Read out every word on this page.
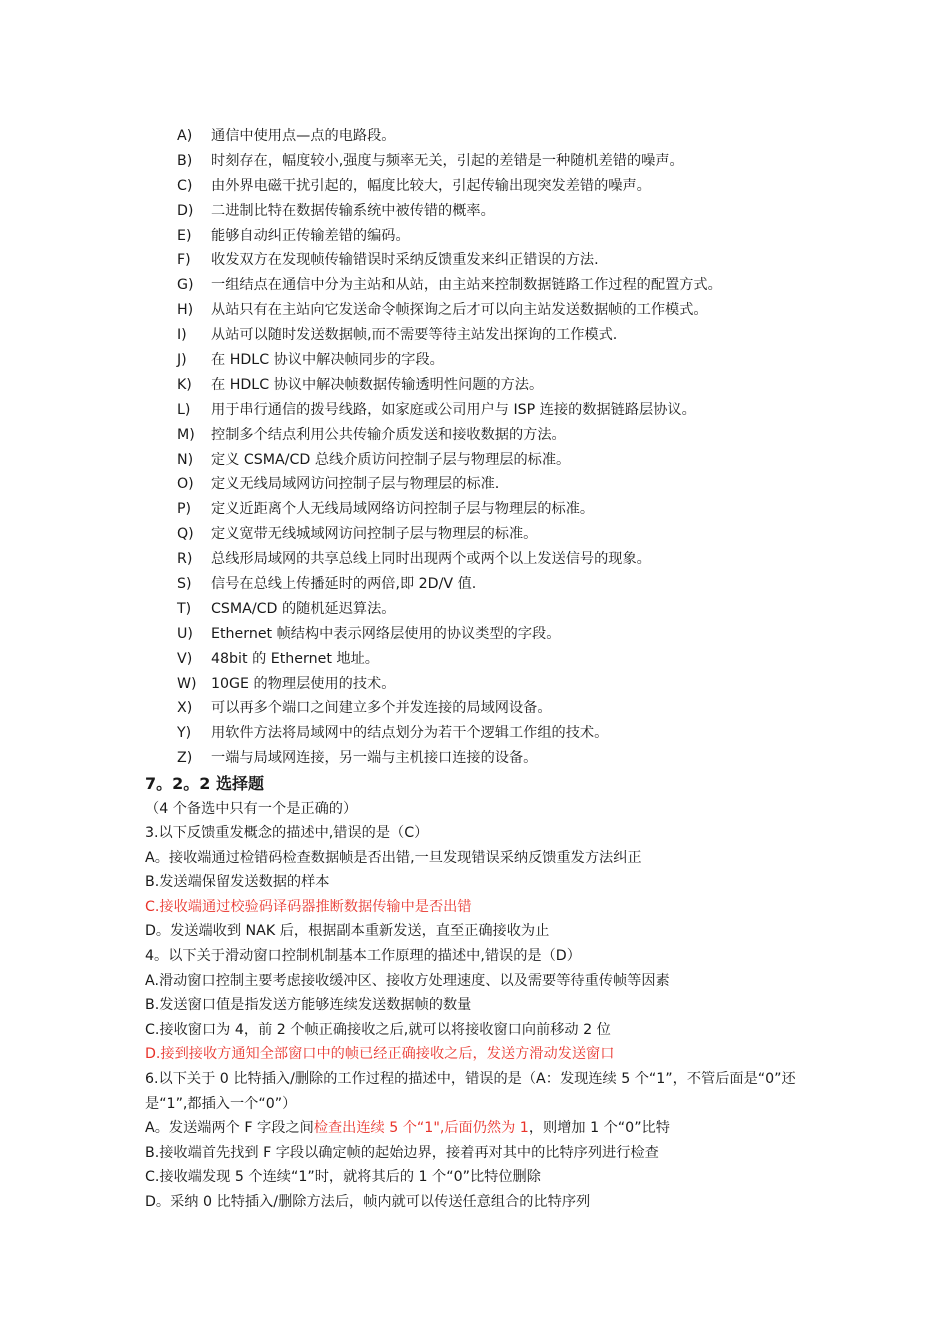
A) 通信中使用点—点的电路段。
B) 时刻存在，幅度较小,强度与频率无关，引起的差错是一种随机差错的噪声。
C) 由外界电磁干扰引起的，幅度比较大，引起传输出现突发差错的噪声。
D) 二进制比特在数据传输系统中被传错的概率。
E) 能够自动纠正传输差错的编码。
F) 收发双方在发现帧传输错误时采纳反馈重发来纠正错误的方法.
G) 一组结点在通信中分为主站和从站，由主站来控制数据链路工作过程的配置方式。
H) 从站只有在主站向它发送命令帧探询之后才可以向主站发送数据帧的工作模式。
I) 从站可以随时发送数据帧,而不需要等待主站发出探询的工作模式.
J) 在 HDLC 协议中解决帧同步的字段。
K) 在 HDLC 协议中解决帧数据传输透明性问题的方法。
L) 用于串行通信的拨号线路，如家庭或公司用户与 ISP 连接的数据链路层协议。
M) 控制多个结点利用公共传输介质发送和接收数据的方法。
N) 定义 CSMA/CD 总线介质访问控制子层与物理层的标准。
O) 定义无线局域网访问控制子层与物理层的标准.
P) 定义近距离个人无线局域网络访问控制子层与物理层的标准。
Q) 定义宽带无线城域网访问控制子层与物理层的标准。
R) 总线形局域网的共享总线上同时出现两个或两个以上发送信号的现象。
S) 信号在总线上传播延时的两倍,即 2D/V 值.
T) CSMA/CD 的随机延迟算法。
U) Ethernet 帧结构中表示网络层使用的协议类型的字段。
V) 48bit 的 Ethernet 地址。
W) 10GE 的物理层使用的技术。
X) 可以再多个端口之间建立多个并发连接的局域网设备。
Y) 用软件方法将局域网中的结点划分为若干个逻辑工作组的技术。
Z) 一端与局域网连接，另一端与主机接口连接的设备。
7。2。2 选择题
（4 个备选中只有一个是正确的）
3.以下反馈重发概念的描述中,错误的是（C）
A。接收端通过检错码检查数据帧是否出错,一旦发现错误采纳反馈重发方法纠正
B.发送端保留发送数据的样本
C.接收端通过校验码译码器推断数据传输中是否出错
D。发送端收到 NAK 后，根据副本重新发送，直至正确接收为止
4。以下关于滑动窗口控制机制基本工作原理的描述中,错误的是（D）
A.滑动窗口控制主要考虑接收缓冲区、接收方处理速度、以及需要等待重传帧等因素
B.发送窗口值是指发送方能够连续发送数据帧的数量
C.接收窗口为 4，前 2 个帧正确接收之后,就可以将接收窗口向前移动 2 位
D.接到接收方通知全部窗口中的帧已经正确接收之后，发送方滑动发送窗口
6.以下关于 0 比特插入/删除的工作过程的描述中，错误的是（A：发现连续 5 个“1”，不管后面是“0”还是“1”,都插入一个“0”）
A。发送端两个 F 字段之间检查出连续 5 个“1",后面仍然为 1，则增加 1 个“0”比特
B.接收端首先找到 F 字段以确定帧的起始边界，接着再对其中的比特序列进行检查
C.接收端发现 5 个连续“1”时，就将其后的 1 个“0”比特位删除
D。采纳 0 比特插入/删除方法后，帧内就可以传送任意组合的比特序列
